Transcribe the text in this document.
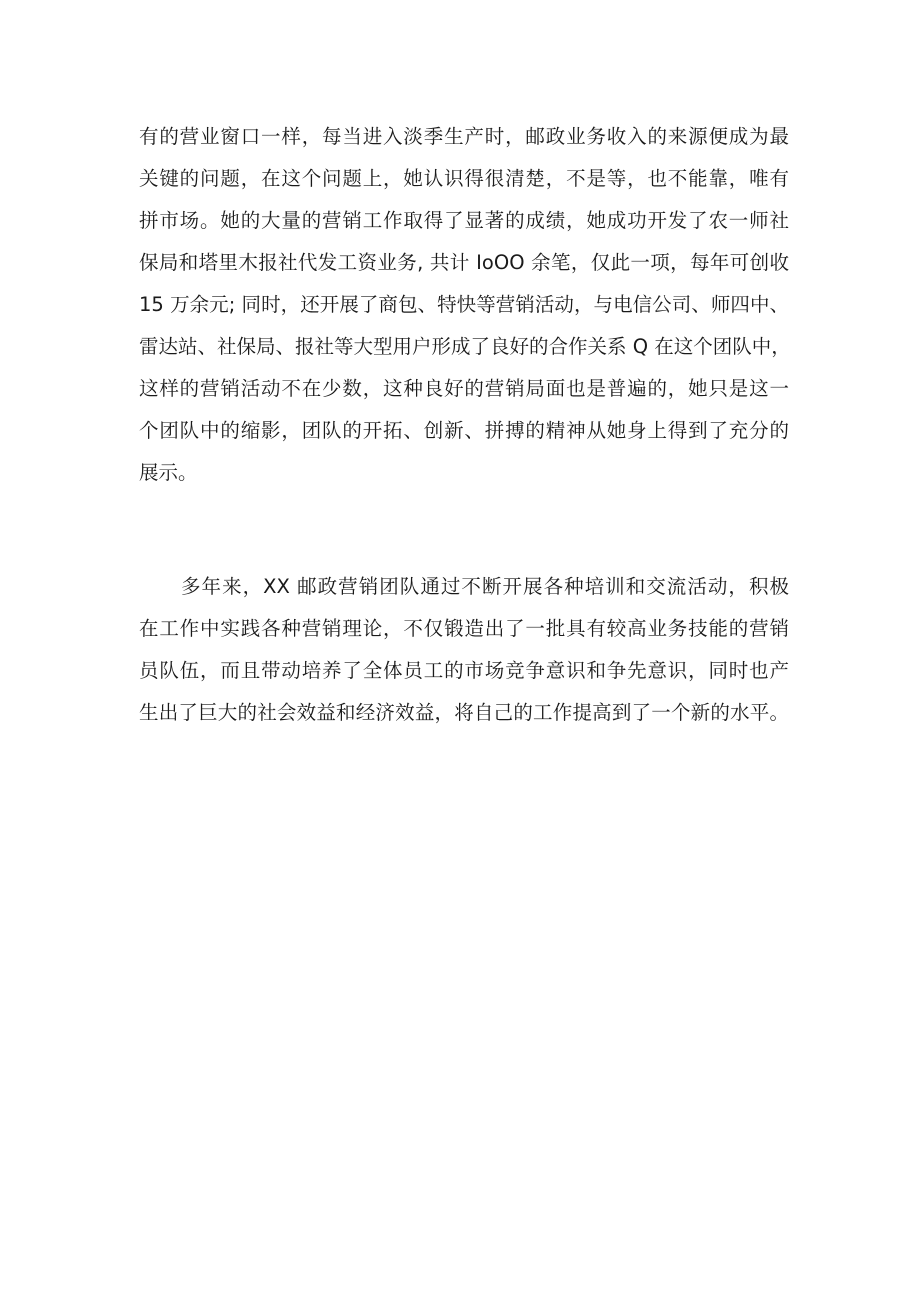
有的营业窗口一样，每当进入淡季生产时，邮政业务收入的来源便成为最
关键的问题，在这个问题上，她认识得很清楚，不是等，也不能靠，唯有
拼市场。她的大量的营销工作取得了显著的成绩，她成功开发了农一师社
保局和塔里木报社代发工资业务, 共计 IoOO 余笔，仅此一项，每年可创收
15 万余元; 同时，还开展了商包、特快等营销活动，与电信公司、师四中、
雷达站、社保局、报社等大型用户形成了良好的合作关系 Q 在这个团队中，
这样的营销活动不在少数，这种良好的营销局面也是普遍的，她只是这一
个团队中的缩影，团队的开拓、创新、拼搏的精神从她身上得到了充分的
展示。
多年来，XX 邮政营销团队通过不断开展各种培训和交流活动，积极
在工作中实践各种营销理论，不仅锻造出了一批具有较高业务技能的营销
员队伍，而且带动培养了全体员工的市场竞争意识和争先意识，同时也产
生出了巨大的社会效益和经济效益，将自己的工作提高到了一个新的水平。
